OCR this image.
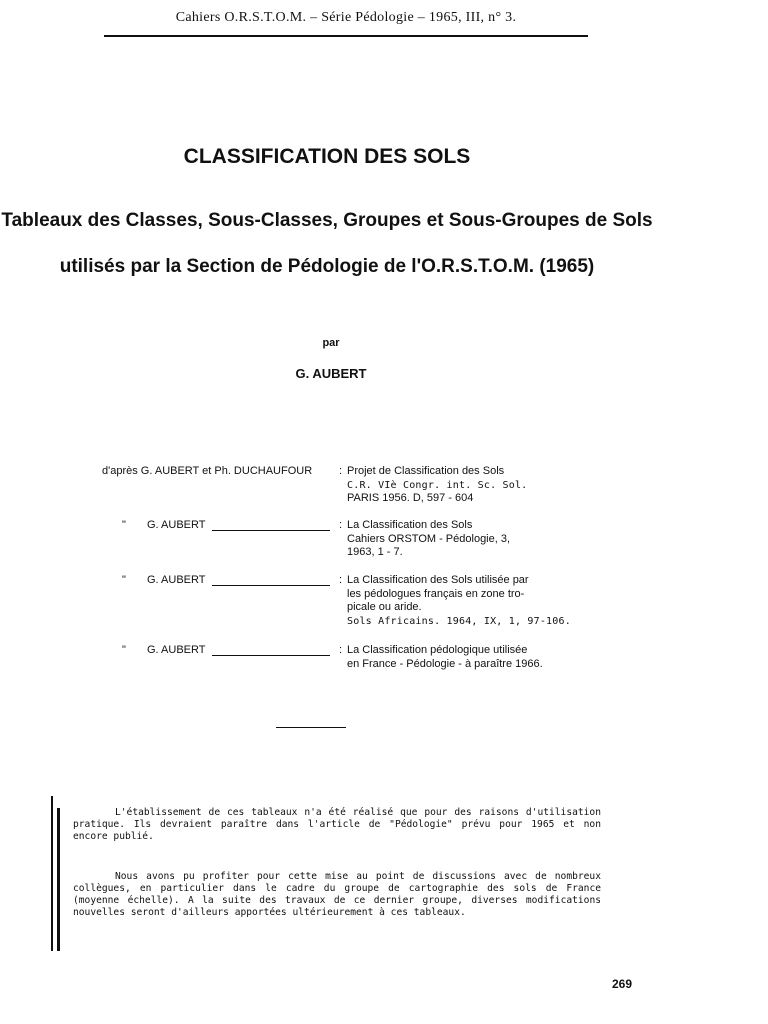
Cahiers O.R.S.T.O.M. – Série Pédologie – 1965, III, n° 3.
CLASSIFICATION DES SOLS
Tableaux des Classes, Sous-Classes, Groupes et Sous-Groupes de Sols
utilisés par la Section de Pédologie de l'O.R.S.T.O.M. (1965)
par
G. AUBERT
d'après G. AUBERT et Ph. DUCHAUFOUR : Projet de Classification des Sols
C.R. VIè Congr. int. Sc. Sol.
PARIS 1956. D, 597 - 604
" G. AUBERT	: La Classification des Sols
Cahiers ORSTOM - Pédologie, 3,
1963, 1 - 7.
" G. AUBERT	: La Classification des Sols utilisée par
les pédologues français en zone tro-
picale ou aride.
Sols Africains. 1964, IX, 1, 97-106.
" G. AUBERT	: La Classification pédologique utilisée
en France - Pédologie - à paraître 1966.
L'établissement de ces tableaux n'a été réalisé que pour des raisons d'utilisation pratique. Ils devraient paraître dans l'article de "Pédologie" prévu pour 1965 et non encore publié.
Nous avons pu profiter pour cette mise au point de discussions avec de nombreux collègues, en particulier dans le cadre du groupe de cartographie des sols de France (moyenne échelle). A la suite des travaux de ce dernier groupe, diverses modifications nouvelles seront d'ailleurs apportées ultérieurement à ces tableaux.
269
